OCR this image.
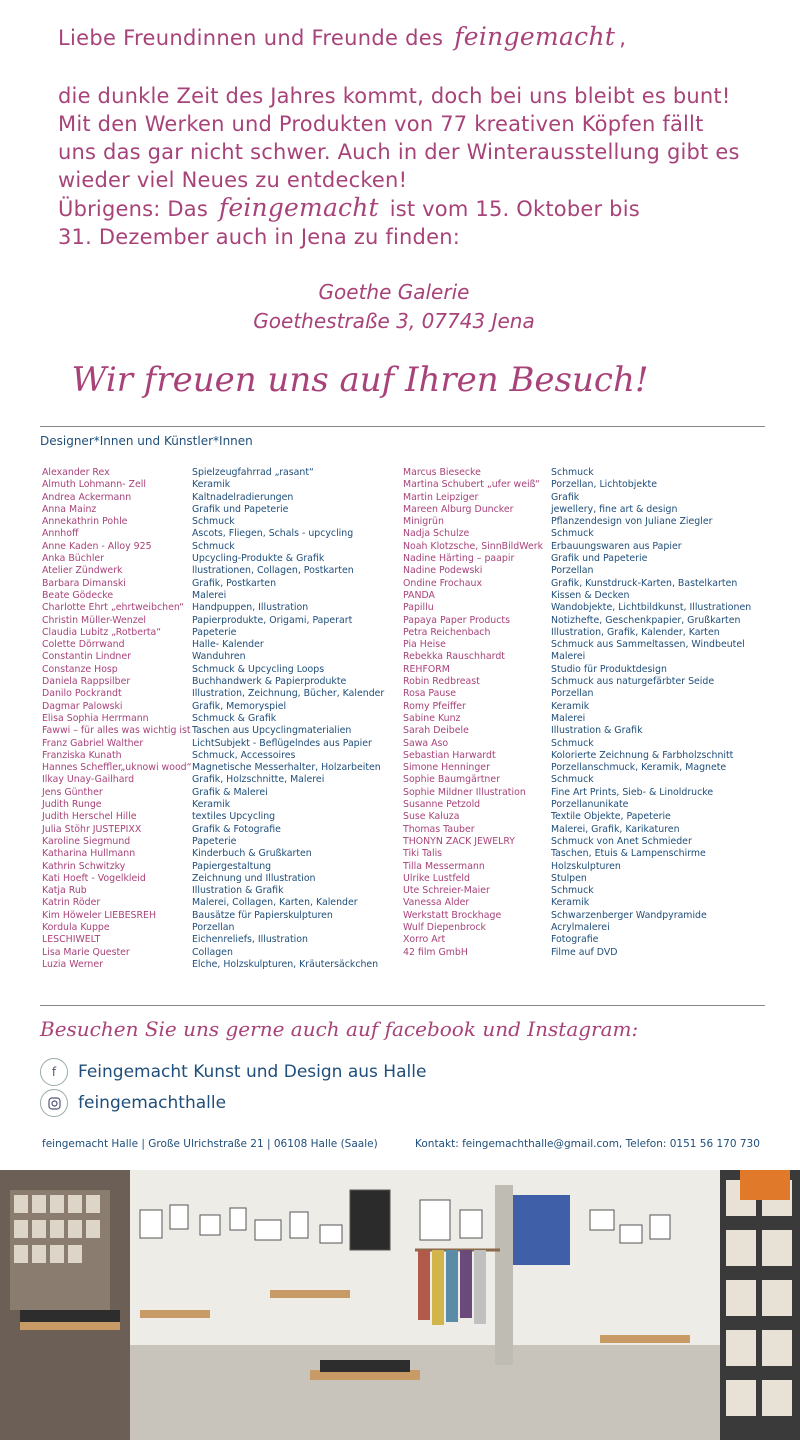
Liebe Freundinnen und Freunde des feingemacht ,
die dunkle Zeit des Jahres kommt, doch bei uns bleibt es bunt! Mit den Werken und Produkten von 77 kreativen Köpfen fällt uns das gar nicht schwer. Auch in der Winterausstellung gibt es wieder viel Neues zu entdecken!
Übrigens: Das feingemacht ist vom 15. Oktober bis
31. Dezember auch in Jena zu finden:
Goethe Galerie
Goethestraße 3, 07743 Jena
Wir freuen uns auf Ihren Besuch!
Designer*Innen und Künstler*Innen
Alexander Rex
Almuth Lohmann- Zell
Andrea Ackermann
Anna Mainz
Annekathrin Pohle
Annhoff
Anne Kaden - Alloy 925
Anka Büchler
Atelier Zündwerk
Barbara Dimanski
Beate Gödecke
Charlotte Ehrt „ehrtweibchen“
Christin Müller-Wenzel
Claudia Lubitz „Rotberta“
Colette Dörrwand
Constantin Lindner
Constanze Hosp
Daniela Rappsilber
Danilo Pockrandt
Dagmar Palowski
Elisa Sophia Herrmann
Fawwi – für alles was wichtig ist
Franz Gabriel Walther
Franziska Kunath
Hannes Scheffler„uknowi wood“
Ilkay Unay-Gailhard
Jens Günther
Judith Runge
Judith Herschel Hille
Julia Stöhr JUSTEPIXX
Karoline Siegmund
Katharina Hullmann
Kathrin Schwitzky
Kati Hoeft - Vogelkleid
Katja Rub
Katrin Röder
Kim Höweler LIEBESREH
Kordula Kuppe
LESCHIWELT
Lisa Marie Quester
Luzia Werner
Spielzeugfahrrad „rasant“
Keramik
Kaltnadelradierungen
Grafik und Papeterie
Schmuck
Ascots, Fliegen, Schals - upcycling
Schmuck
Upcycling-Produkte & Grafik
llustrationen, Collagen, Postkarten
Grafik, Postkarten
Malerei
Handpuppen, Illustration
Papierprodukte, Origami, Paperart
Papeterie
Halle- Kalender
Wanduhren
Schmuck & Upcycling Loops
Buchhandwerk & Papierprodukte
Illustration, Zeichnung, Bücher, Kalender
Grafik, Memoryspiel
Schmuck & Grafik
Taschen aus Upcyclingmaterialien
LichtSubjekt - Beflügelndes aus Papier
Schmuck, Accessoires
Magnetische Messerhalter, Holzarbeiten
Grafik, Holzschnitte, Malerei
Grafik & Malerei
Keramik
textiles Upcycling
Grafik & Fotografie
Papeterie
Kinderbuch & Grußkarten
Papiergestaltung
Zeichnung und Illustration
Illustration & Grafik
Malerei, Collagen, Karten, Kalender
Bausätze für Papierskulpturen
Porzellan
Eichenreliefs, Illustration
Collagen
Elche, Holzskulpturen, Kräutersäckchen
Marcus Biesecke
Martina Schubert „ufer weiß“
Martin Leipziger
Mareen Alburg Duncker
Minigrün
Nadja Schulze
Noah Klotzsche, SinnBildWerk
Nadine Härting – paapir
Nadine Podewski
Ondine Frochaux
PANDA
Papillu
Papaya Paper Products
Petra Reichenbach
Pia Heise
Rebekka Rauschhardt
REHFORM
Robin Redbreast
Rosa Pause
Romy Pfeiffer
Sabine Kunz
Sarah Deibele
Sawa Aso
Sebastian Harwardt
Simone Henninger
Sophie Baumgärtner
Sophie Mildner Illustration
Susanne Petzold
Suse Kaluza
Thomas Tauber
THONYN ZACK JEWELRY
Tiki Talis
Tilla Messermann
Ulrike Lustfeld
Ute Schreier-Maier
Vanessa Alder
Werkstatt Brockhage
Wulf Diepenbrock
Xorro Art
42 film GmbH
Schmuck
Porzellan, Lichtobjekte
Grafik
jewellery, fine art & design
Pflanzendesign von Juliane Ziegler
Schmuck
Erbauungswaren aus Papier
Grafik und Papeterie
Porzellan
Grafik, Kunstdruck-Karten, Bastelkarten
Kissen & Decken
Wandobjekte, Lichtbildkunst, Illustrationen
Notizhefte, Geschenkpapier, Grußkarten
Illustration, Grafik, Kalender, Karten
Schmuck aus Sammeltassen, Windbeutel
Malerei
Studio für Produktdesign
Schmuck aus naturgefärbter Seide
Porzellan
Keramik
Malerei
Illustration & Grafik
Schmuck
Kolorierte Zeichnung & Farbholzschnitt
Porzellanschmuck, Keramik, Magnete
Schmuck
Fine Art Prints, Sieb- & Linoldrucke
Porzellanunikate
Textile Objekte, Papeterie
Malerei, Grafik, Karikaturen
Schmuck von Anet Schmieder
Taschen, Etuis & Lampenschirme
Holzskulpturen
Stulpen
Schmuck
Keramik
Schwarzenberger Wandpyramide
Acrylmalerei
Fotografie
Filme auf DVD
Besuchen Sie uns gerne auch auf facebook und Instagram:
f	Feingemacht Kunst und Design aus Halle
feingemachthalle
feingemacht Halle | Große Ulrichstraße 21 | 06108 Halle (Saale)	Kontakt: feingemachthalle@gmail.com, Telefon: 0151 56 170 730
